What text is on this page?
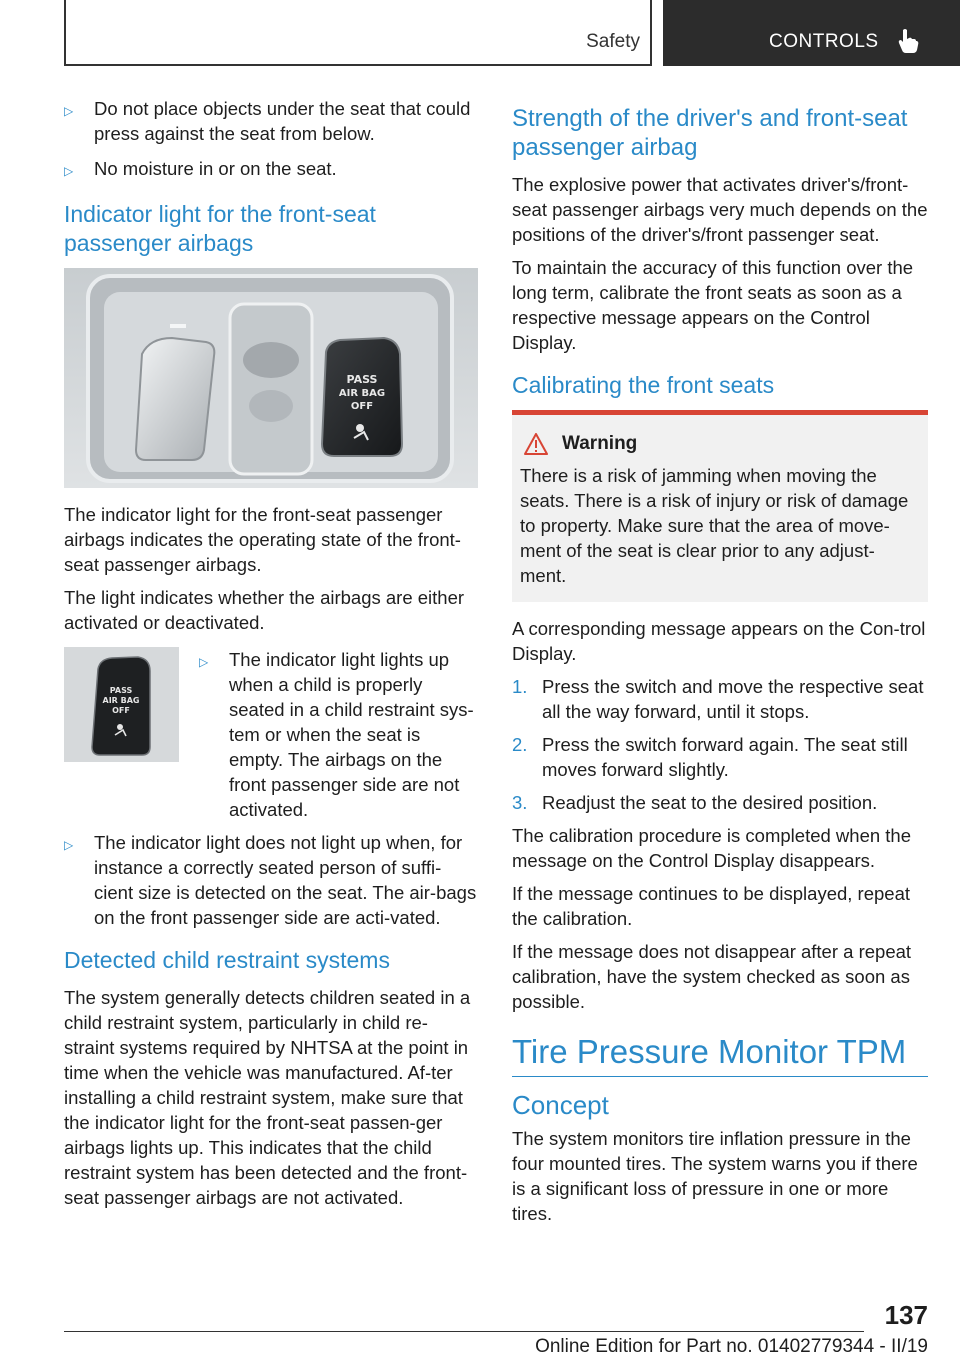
Safety	CONTROLS
▷	Do not place objects under the seat that could press against the seat from below.
▷	No moisture in or on the seat.
Indicator light for the front-seat passenger airbags
PASS
AIR BAG
OFF

The indicator light for the front-seat passenger airbags indicates the operating state of the front-seat passenger airbags.

The light indicates whether the airbags are either activated or deactivated.

PASS
AIR BAG
OFF
▷	The indicator light lights up when a child is properly seated in a child restraint sys-tem or when the seat is empty. The airbags on the front passenger side are not activated.
▷	The indicator light does not light up when, for instance a correctly seated person of suffi-cient size is detected on the seat. The air-bags on the front passenger side are acti-vated.
Detected child restraint systems

The system generally detects children seated in a child restraint system, particularly in child re-straint systems required by NHTSA at the point in time when the vehicle was manufactured. Af-ter installing a child restraint system, make sure that the indicator light for the front-seat passen-ger airbags lights up. This indicates that the child restraint system has been detected and the front-seat passenger airbags are not activated.

Strength of the driver's and front-seat passenger airbag

The explosive power that activates driver's/front-seat passenger airbags very much depends on the positions of the driver's/front passenger seat.

To maintain the accuracy of this function over the long term, calibrate the front seats as soon as a respective message appears on the Control Display.

Calibrating the front seats
Warning

There is a risk of jamming when moving the seats. There is a risk of injury or risk of damage to property. Make sure that the area of move-ment of the seat is clear prior to any adjust-ment.

A corresponding message appears on the Con-trol Display.

1. Press the switch and move the respective seat all the way forward, until it stops.
2. Press the switch forward again. The seat still moves forward slightly.
3. Readjust the seat to the desired position.

The calibration procedure is completed when the message on the Control Display disappears.

If the message continues to be displayed, repeat the calibration.

If the message does not disappear after a repeat calibration, have the system checked as soon as possible.

Tire Pressure Monitor TPM
Concept

The system monitors tire inflation pressure in the four mounted tires. The system warns you if there is a significant loss of pressure in one or more tires.

137
Online Edition for Part no. 01402779344 - II/19
